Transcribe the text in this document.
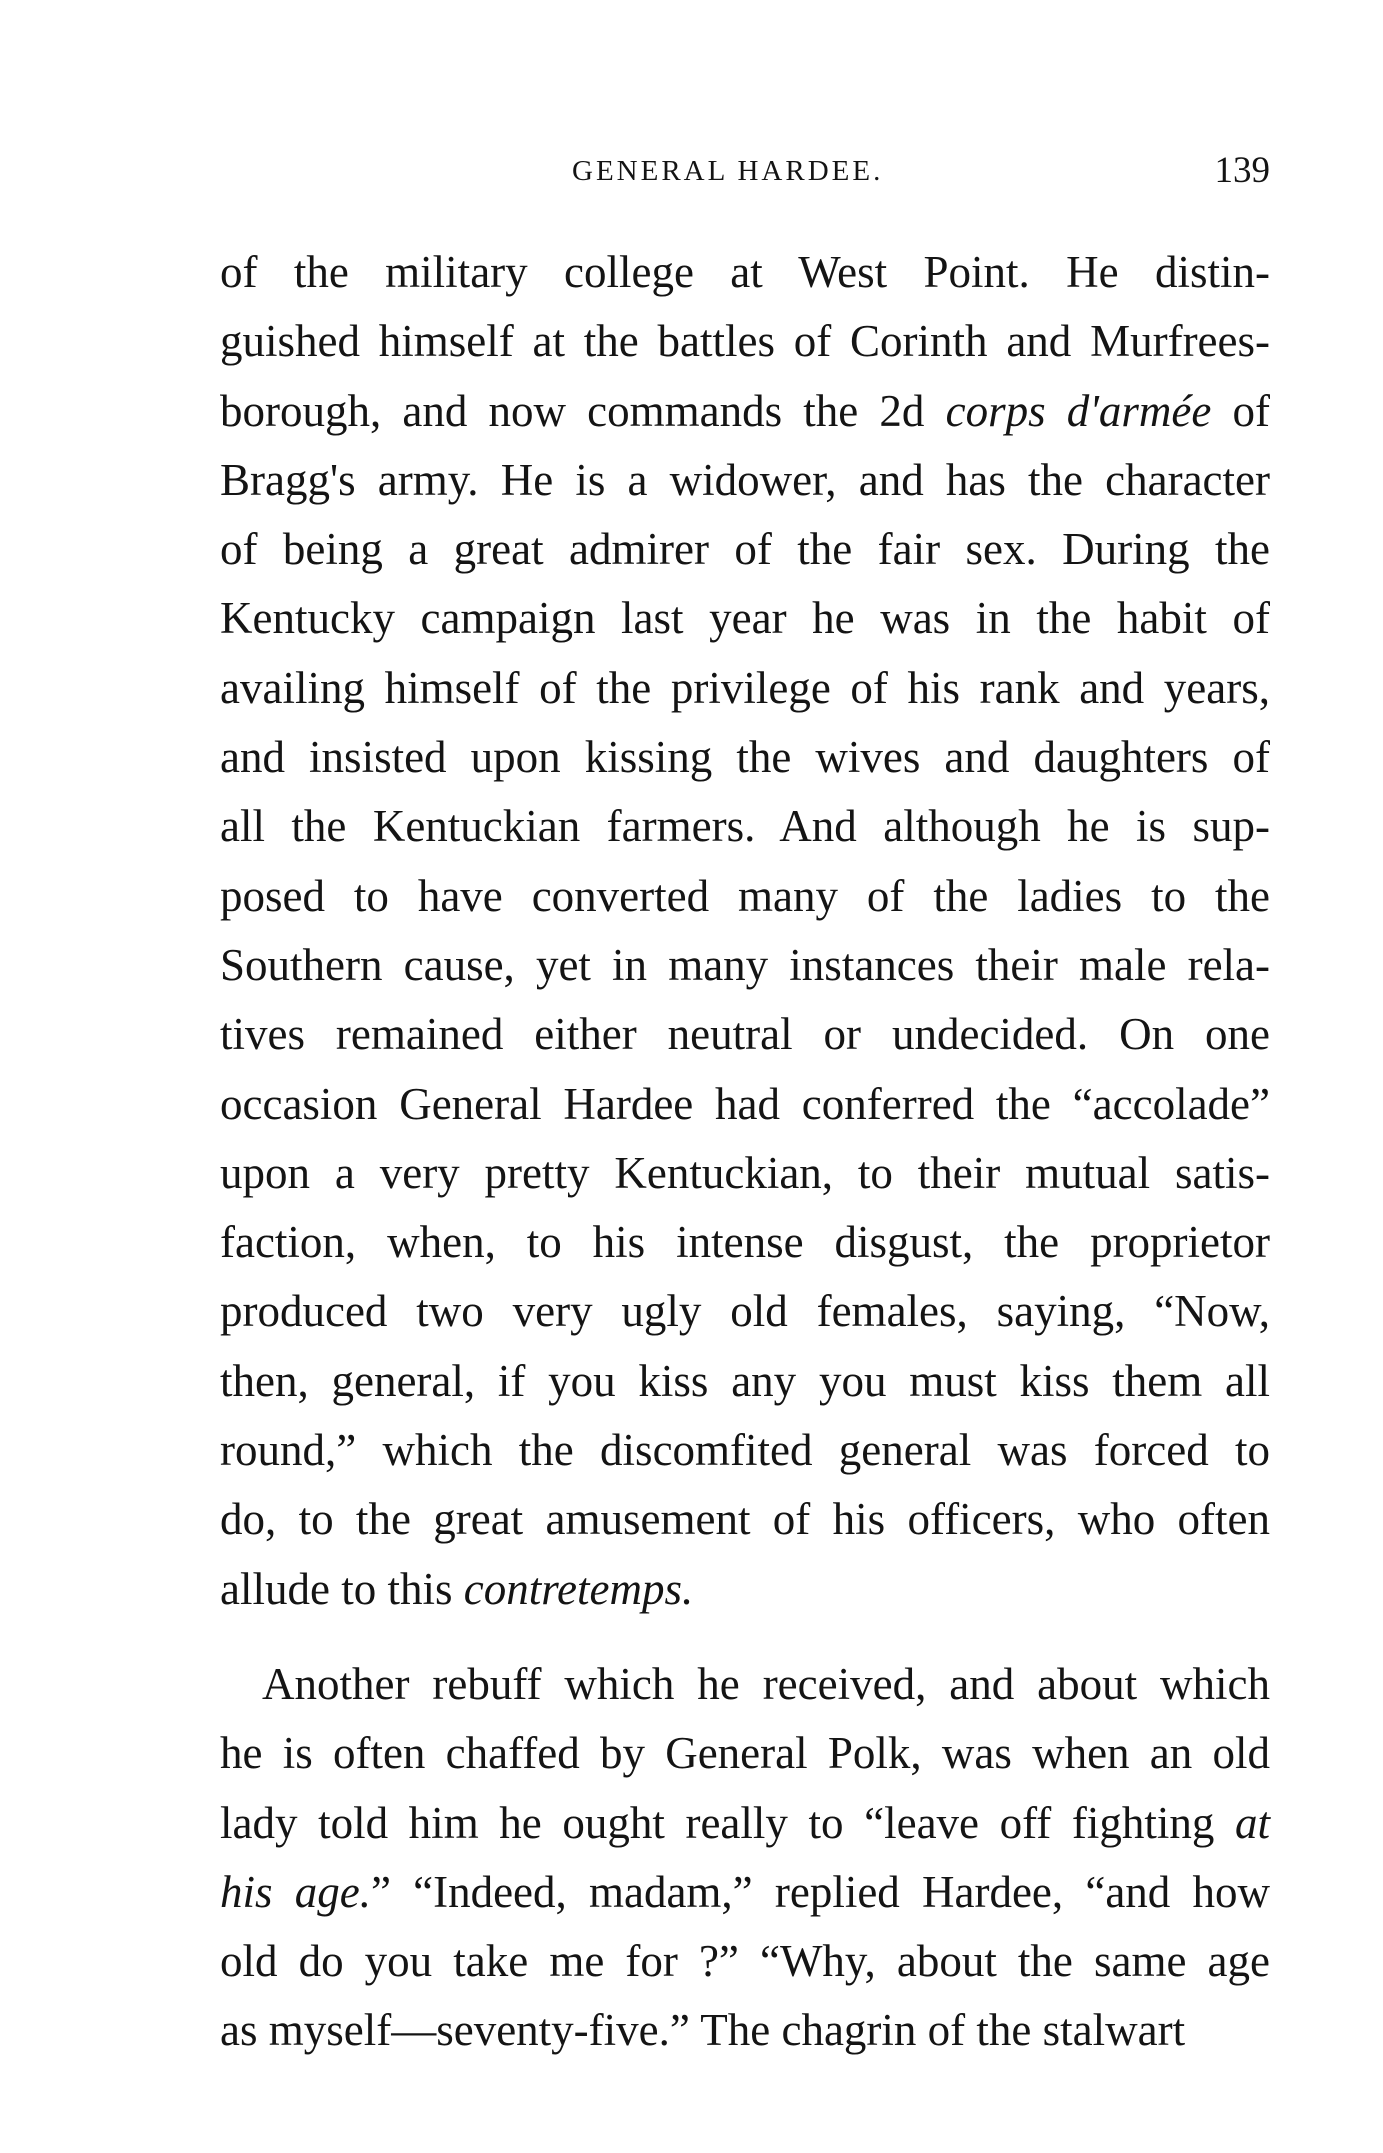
GENERAL HARDEE.	139
of the military college at West Point. He distin-
guished himself at the battles of Corinth and Murfrees-
borough, and now commands the 2d corps d'armée of
Bragg's army. He is a widower, and has the character
of being a great admirer of the fair sex. During the
Kentucky campaign last year he was in the habit of
availing himself of the privilege of his rank and years,
and insisted upon kissing the wives and daughters of
all the Kentuckian farmers. And although he is sup-
posed to have converted many of the ladies to the
Southern cause, yet in many instances their male rela-
tives remained either neutral or undecided. On one
occasion General Hardee had conferred the “accolade”
upon a very pretty Kentuckian, to their mutual satis-
faction, when, to his intense disgust, the proprietor
produced two very ugly old females, saying, “Now,
then, general, if you kiss any you must kiss them all
round,” which the discomfited general was forced to
do, to the great amusement of his officers, who often
allude to this contretemps.
Another rebuff which he received, and about which
he is often chaffed by General Polk, was when an old
lady told him he ought really to “leave off fighting at
his age.” “Indeed, madam,” replied Hardee, “and how
old do you take me for ?” “Why, about the same age
as myself—seventy-five.” The chagrin of the stalwart
